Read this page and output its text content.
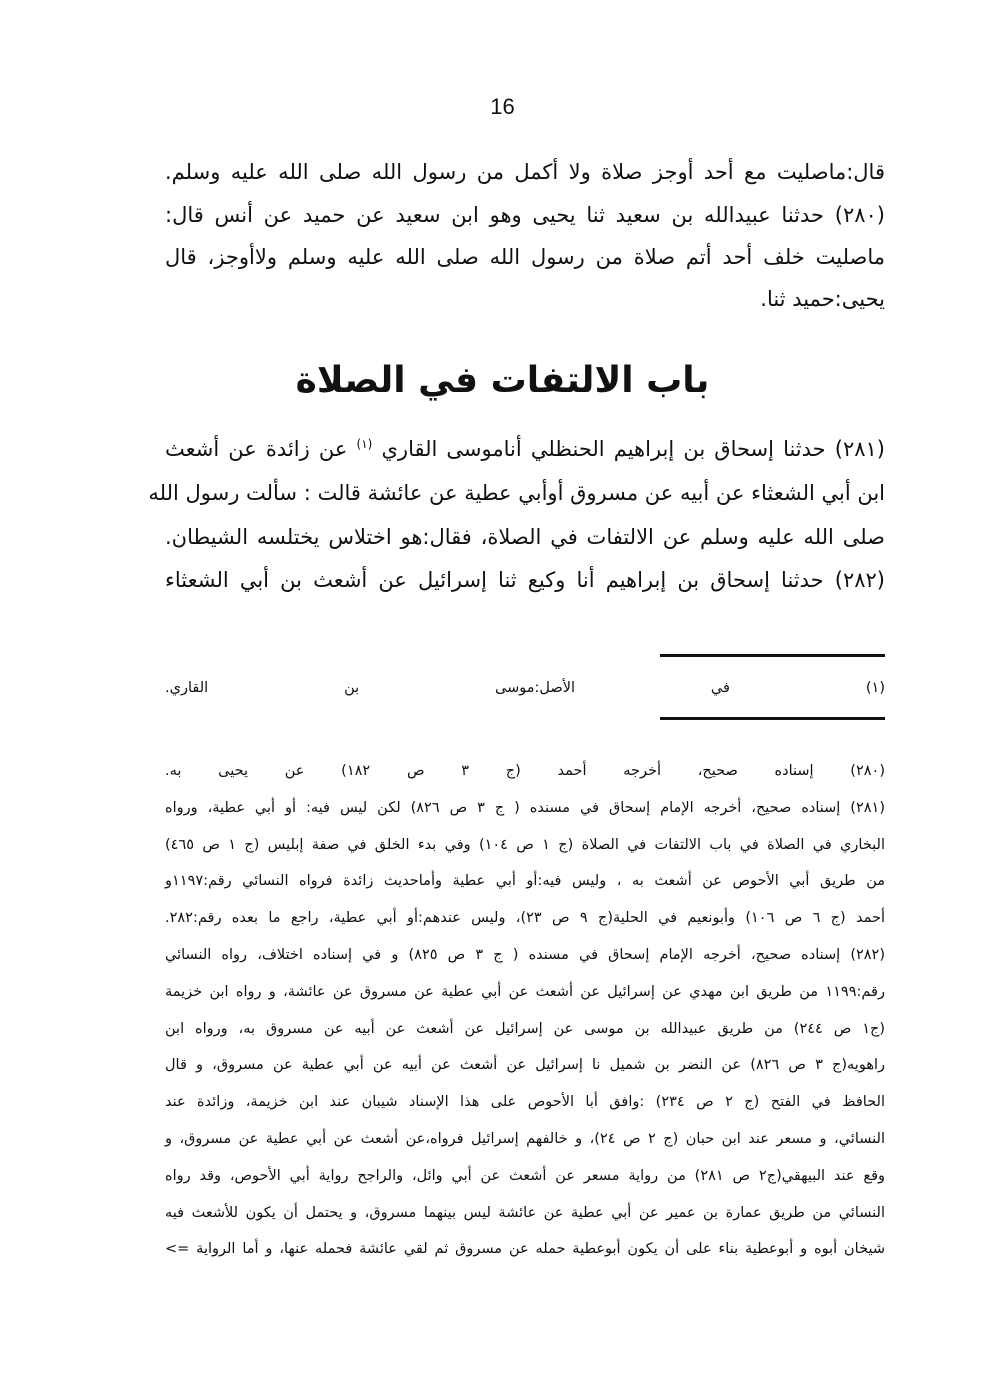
16
قال:ماصليت مع أحد أوجز صلاة ولا أكمل من رسول الله صلى الله عليه وسلم.
(٢٨٠) حدثنا عبيدالله بن سعيد ثنا يحيى وهو ابن سعيد عن حميد عن أنس قال:
ماصليت خلف أحد أتم صلاة من رسول الله صلى الله عليه وسلم ولاأوجز، قال
يحيى:حميد ثنا.
باب الالتفات في الصلاة
(٢٨١) حدثنا إسحاق بن إبراهيم الحنظلي أناموسى القاري $^{(١)}$ عن زائدة عن أشعث
ابن أبي الشعثاء عن أبيه عن مسروق أوأبي عطية عن عائشة قالت : سألت رسول الله
صلى الله عليه وسلم عن الالتفات في الصلاة، فقال:هو اختلاس يختلسه الشيطان.
(٢٨٢) حدثنا إسحاق بن إبراهيم أنا وكيع ثنا إسرائيل عن أشعث بن أبي الشعثاء
(١) في الأصل:موسى بن القاري.
(٢٨٠) إسناده صحيح، أخرجه أحمد (ج ٣ ص ١٨٢) عن يحيى به.
(٢٨١) إسناده صحيح، أخرجه الإمام إسحاق في مسنده ( ج ٣ ص ٨٢٦) لكن ليس فيه: أو أبي عطية، ورواه
البخاري في الصلاة في باب الالتفات في الصلاة (ج ١ ص ١٠٤) وفي بدء الخلق في صفة إبليس (ج ١ ص ٤٦٥)
من طريق أبي الأحوص عن أشعث به ، وليس فيه:أو أبي عطية وأماحديث زائدة فرواه النسائي رقم:١١٩٧و
أحمد (ج ٦ ص ١٠٦) وأبونعيم في الحلية(ج ٩ ص ٢٣)، وليس عندهم:أو أبي عطية، راجع ما بعده رقم:٢٨٢.
(٢٨٢) إسناده صحيح، أخرجه الإمام إسحاق في مسنده ( ج ٣ ص ٨٢٥) و في إسناده اختلاف، رواه النسائي
رقم:١١٩٩ من طريق ابن مهدي عن إسرائيل عن أشعث عن أبي عطية عن مسروق عن عائشة، و رواه ابن خزيمة
(ج١ ص ٢٤٤) من طريق عبيدالله بن موسى عن إسرائيل عن أشعث عن أبيه عن مسروق به، ورواه ابن
راهويه(ج ٣ ص ٨٢٦) عن النضر بن شميل نا إسرائيل عن أشعث عن أبيه عن أبي عطية عن مسروق، و قال
الحافظ في الفتح (ج ٢ ص ٢٣٤) :وافق أبا الأحوص على هذا الإسناد شيبان عند ابن خزيمة، وزائدة عند
النسائي، و مسعر عند ابن حبان (ج ٢ ص ٢٤)، و خالفهم إسرائيل فرواه،عن أشعث عن أبي عطية عن مسروق، و
وقع عند البيهقي(ج٢ ص ٢٨١) من رواية مسعر عن أشعث عن أبي وائل، والراجح رواية أبي الأحوص، وقد رواه
النسائي من طريق عمارة بن عمير عن أبي عطية عن عائشة ليس بينهما مسروق، و يحتمل أن يكون للأشعث فيه
شيخان أبوه و أبوعطية بناء على أن يكون أبوعطية حمله عن مسروق ثم لقي عائشة فحمله عنها، و أما الرواية =>
